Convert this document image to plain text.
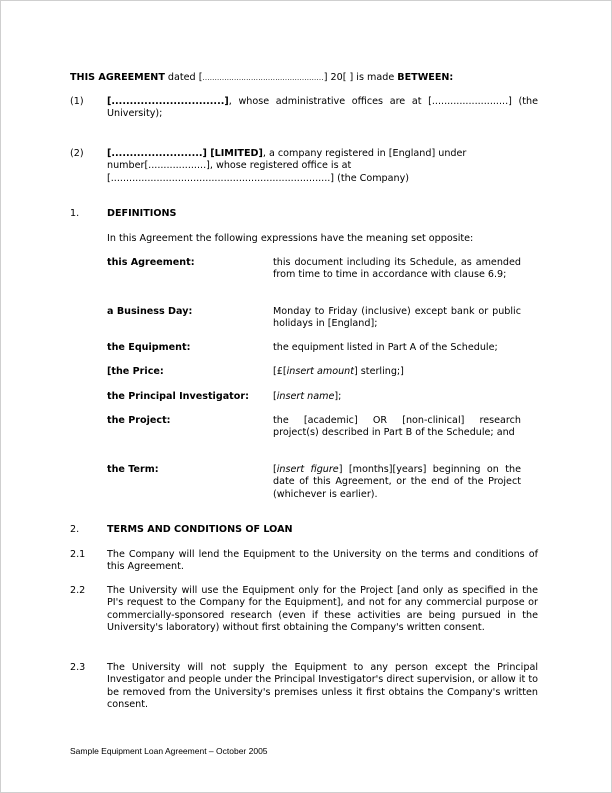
THIS AGREEMENT dated [..................................................] 20[ ] is made BETWEEN:
(1) [...............................], whose administrative offices are at [.........................] (the
University);
(2) [.........................] [LIMITED], a company registered in [England] under
number[...................], whose registered office is at
[........................................................................] (the Company)
1.	DEFINITIONS
In this Agreement the following expressions have the meaning set opposite:
this Agreement:	this document including its Schedule, as amended from time to time in accordance with clause 6.9;
a Business Day:	Monday to Friday (inclusive) except bank or public holidays in [England];
the Equipment:	the equipment listed in Part A of the Schedule;
[the Price:	[£[insert amount] sterling;]
the Principal Investigator:	[insert name];
the Project:	the [academic] OR [non-clinical] research project(s) described in Part B of the Schedule; and
the Term:	[insert figure] [months][years] beginning on the date of this Agreement, or the end of the Project (whichever is earlier).
2.	TERMS AND CONDITIONS OF LOAN
2.1 The Company will lend the Equipment to the University on the terms and conditions of this Agreement.
2.2 The University will use the Equipment only for the Project [and only as specified in the PI's request to the Company for the Equipment], and not for any commercial purpose or commercially-sponsored research (even if these activities are being pursued in the University's laboratory) without first obtaining the Company's written consent.
2.3 The University will not supply the Equipment to any person except the Principal Investigator and people under the Principal Investigator's direct supervision, or allow it to be removed from the University's premises unless it first obtains the Company's written consent.
Sample Equipment Loan Agreement – October 2005
